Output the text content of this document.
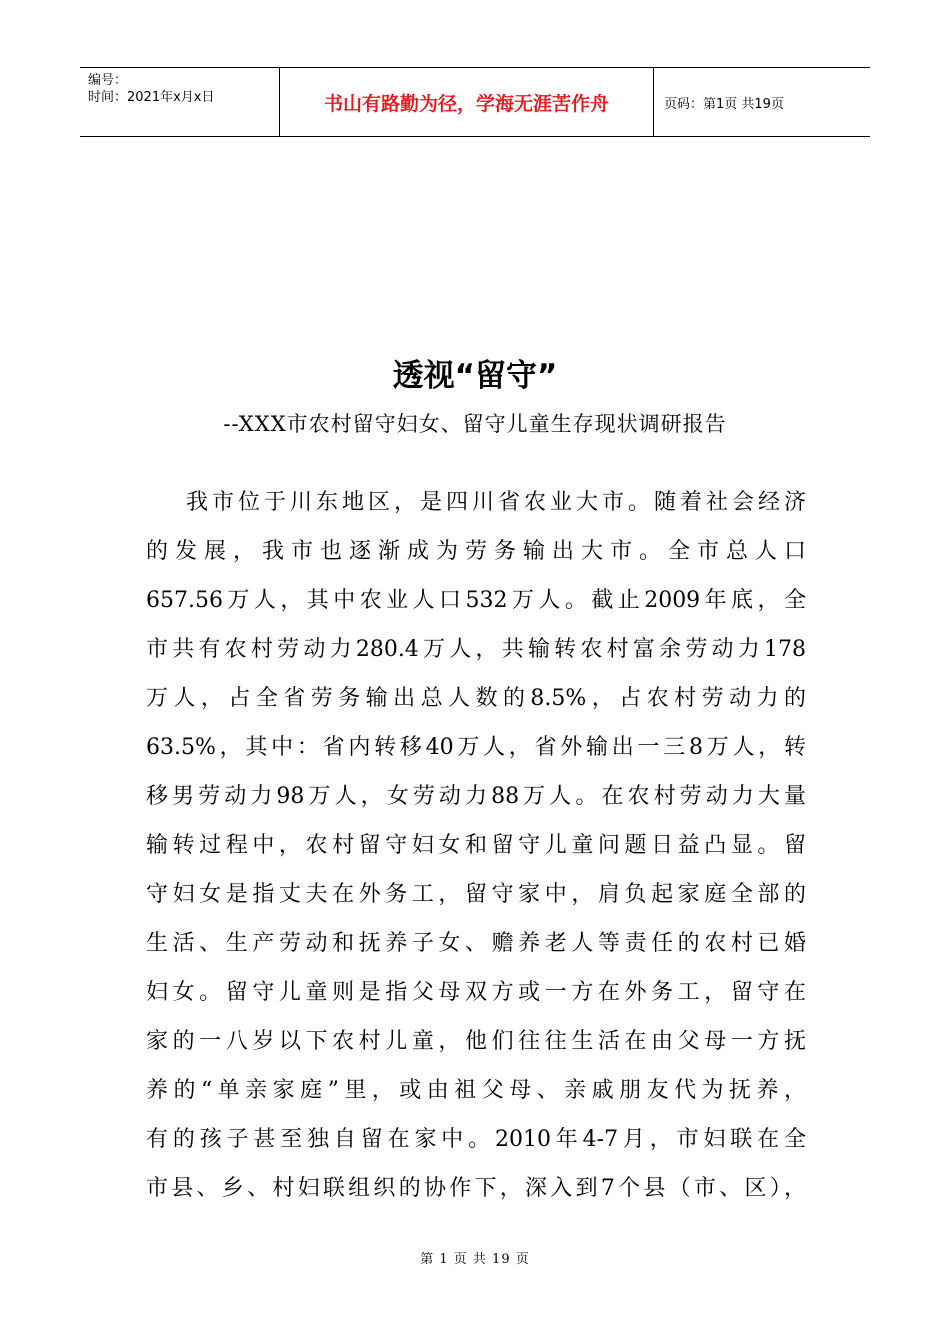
编号：
时间：2021年x月x日	书山有路勤为径，学海无涯苦作舟	页码：第1页 共19页
透视“留守”
--XXX市农村留守妇女、留守儿童生存现状调研报告
我市位于川东地区，是四川省农业大市。随着社会经济
的发展，我市也逐渐成为劳务输出大市。全市总人口
657.56万人，其中农业人口532万人。截止2009年底，全
市共有农村劳动力280.4万人，共输转农村富余劳动力178
万人，占全省劳务输出总人数的8.5%，占农村劳动力的
63.5%，其中：省内转移40万人，省外输出一三8万人，转
移男劳动力98万人，女劳动力88万人。在农村劳动力大量
输转过程中，农村留守妇女和留守儿童问题日益凸显。留
守妇女是指丈夫在外务工，留守家中，肩负起家庭全部的
生活、生产劳动和抚养子女、赡养老人等责任的农村已婚
妇女。留守儿童则是指父母双方或一方在外务工，留守在
家的一八岁以下农村儿童，他们往往生活在由父母一方抚
养的“单亲家庭”里，或由祖父母、亲戚朋友代为抚养，
有的孩子甚至独自留在家中。2010年4-7月，市妇联在全
市县、乡、村妇联组织的协作下，深入到7个县（市、区），
第 1 页 共 19 页
